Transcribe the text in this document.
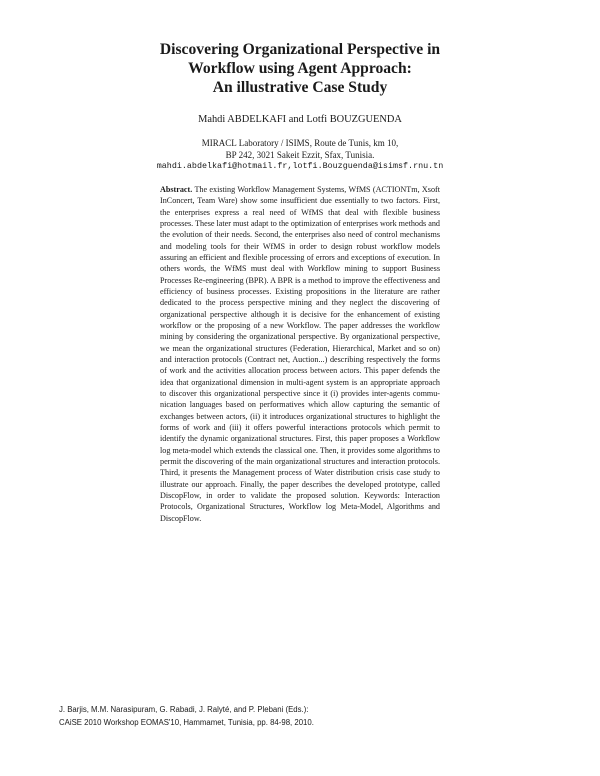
Discovering Organizational Perspective in
Workflow using Agent Approach:
An illustrative Case Study
Mahdi ABDELKAFI and Lotfi BOUZGUENDA
MIRACL Laboratory / ISIMS, Route de Tunis, km 10,
BP 242, 3021 Sakeit Ezzit, Sfax, Tunisia.
mahdi.abdelkafi@hotmail.fr,lotfi.Bouzguenda@isimsf.rnu.tn
Abstract. The existing Workflow Management Systems, WfMS (ACTIONTm, Xsoft InConcert, Team Ware) show some insufficient due essentially to two factors. First, the enterprises express a real need of WfMS that deal with flexible business processes. These later must adapt to the optimization of enterprises work methods and the evolution of their needs. Second, the enterprises also need of control mechanisms and modeling tools for their WfMS in order to design robust workflow models assuring an efficient and flexible processing of errors and exceptions of execution. In others words, the WfMS must deal with Workflow mining to support Business Processes Re-engineering (BPR). A BPR is a method to improve the effectiveness and efficiency of business processes. Existing propositions in the literature are rather dedicated to the process perspective mining and they neglect the discovering of organizational perspective although it is decisive for the enhancement of existing workflow or the proposing of a new Workflow. The paper addresses the workflow mining by considering the organizational perspective. By organizational perspective, we mean the organizational structures (Federation, Hierarchical, Market and so on) and interaction protocols (Contract net, Auction...) describing respectively the forms of work and the activities allocation process between actors. This paper defends the idea that organizational dimension in multi-agent system is an appropriate approach to discover this organizational perspective since it (i) provides inter-agents communication languages based on performatives which allow capturing the semantic of exchanges between actors, (ii) it introduces organizational structures to highlight the forms of work and (iii) it offers powerful interactions protocols which permit to identify the dynamic organizational structures. First, this paper proposes a Workflow log meta-model which extends the classical one. Then, it provides some algorithms to permit the discovering of the main organizational structures and interaction protocols. Third, it presents the Management process of Water distribution crisis case study to illustrate our approach. Finally, the paper describes the developed prototype, called DiscopFlow, in order to validate the proposed solution. Keywords: Interaction Protocols, Organizational Structures, Workflow log Meta-Model, Algorithms and DiscopFlow.
J. Barjis, M.M. Narasipuram, G. Rabadi, J. Ralyté, and P. Plebani (Eds.):
CAiSE 2010 Workshop EOMAS'10, Hammamet, Tunisia, pp. 84-98, 2010.
